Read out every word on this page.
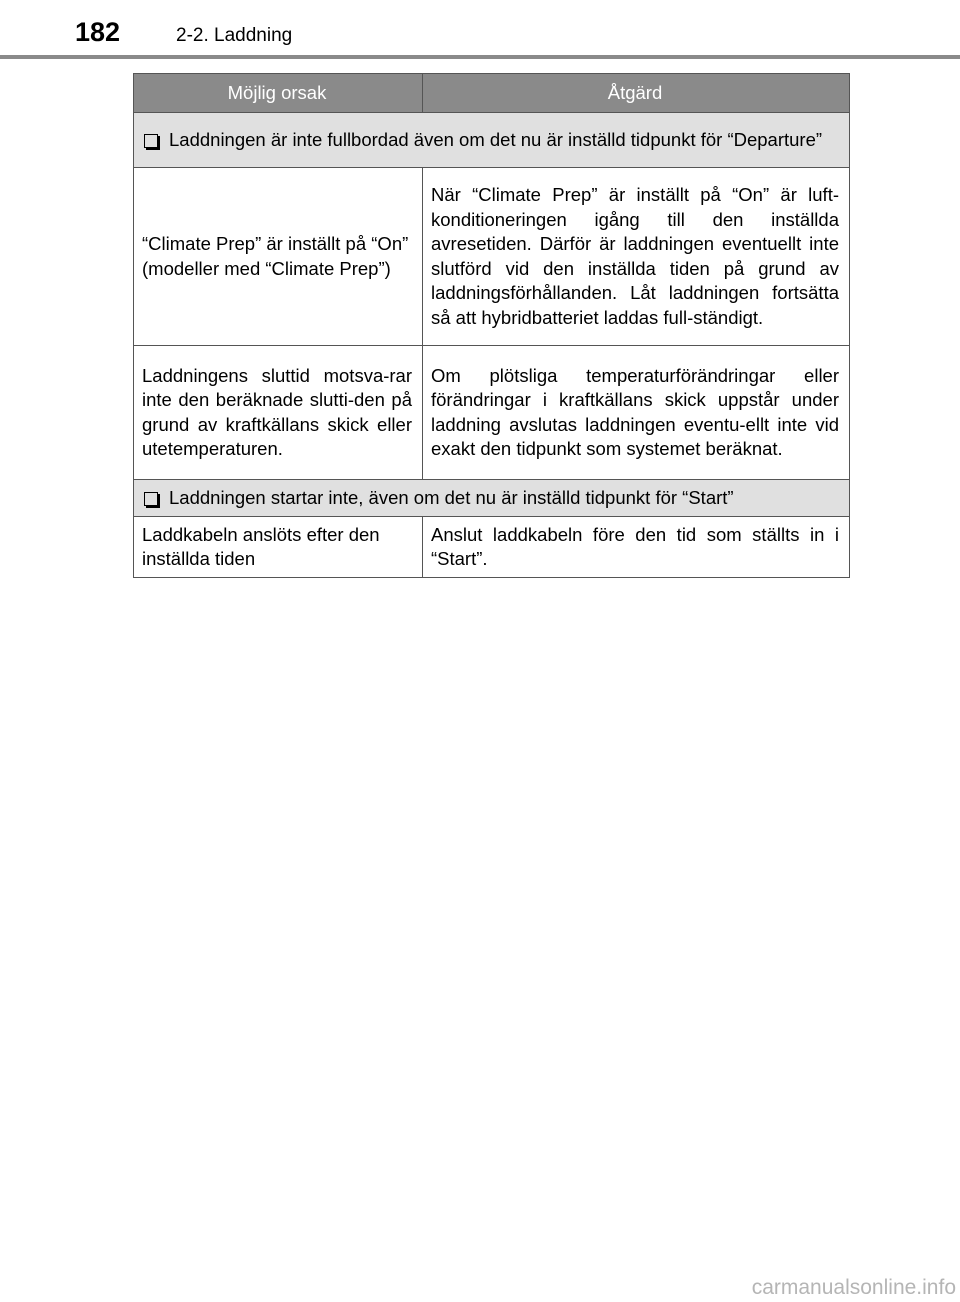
182	2-2. Laddning
Möjlig orsak	Åtgärd

Laddningen är inte fullbordad även om det nu är inställd tidpunkt för “Departure”	

“Climate Prep” är inställt på “On” (modeller med “Climate Prep”)	När “Climate Prep” är inställt på “On” är luft-konditioneringen igång till den inställda avresetiden. Därför är laddningen eventuellt inte slutförd vid den inställda tiden på grund av laddningsförhållanden. Låt laddningen fortsätta så att hybridbatteriet laddas full-ständigt.
Laddningens sluttid motsva-rar inte den beräknade slutti-den på grund av kraftkällans skick eller utetemperaturen.	Om plötsliga temperaturförändringar eller förändringar i kraftkällans skick uppstår under laddning avslutas laddningen eventu-ellt inte vid exakt den tidpunkt som systemet beräknat.

Laddningen startar inte, även om det nu är inställd tidpunkt för “Start”	

Laddkabeln anslöts efter den inställda tiden	Anslut laddkabeln före den tid som ställts in i “Start”.
carmanualsonline.info
